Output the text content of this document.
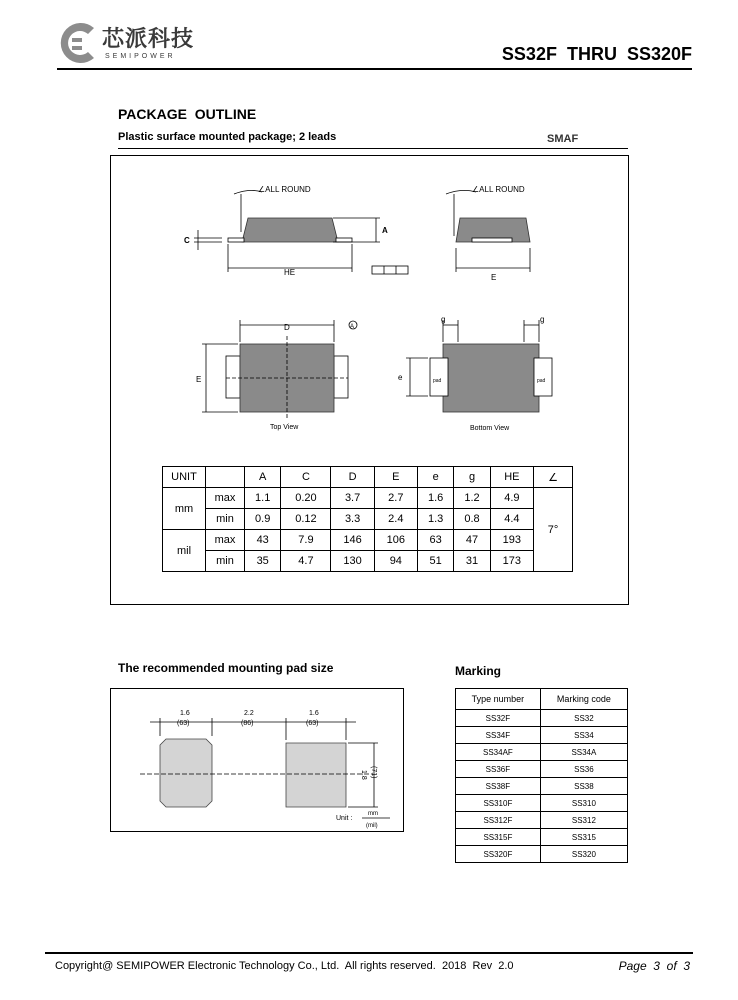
芯派科技
SEMIPOWER	SS32F  THRU  SS320F
PACKAGE  OUTLINE
Plastic surface mounted package; 2 leads	SMAF
∠ALL ROUND	∠ALL ROUND
A
C
HE
E
D	A
E
g	g
e	pad	pad
Top View	Bottom View
UNIT		A	C	D	E	e	g	HE	∠
mm	max	1.1	0.20	3.7	2.7	1.6	1.2	4.9	7°
	min	0.9	0.12	3.3	2.4	1.3	0.8	4.4	
mil	max	43	7.9	146	106	63	47	193	
	min	35	4.7	130	94	51	31	173	
The recommended mounting pad size
1.6
(63)
2.2
(86)
1.6
(63)
1.8 (71)
Unit :
mm
(mil)
Marking
Type number	Marking code
SS32F	SS32
SS34F	SS34
SS34AF	SS34A
SS36F	SS36
SS38F	SS38
SS310F	SS310
SS312F	SS312
SS315F	SS315
SS320F	SS320
Copyright@ SEMIPOWER Electronic Technology Co., Ltd.  All rights reserved.  2018  Rev  2.0	Page  3  of  3
